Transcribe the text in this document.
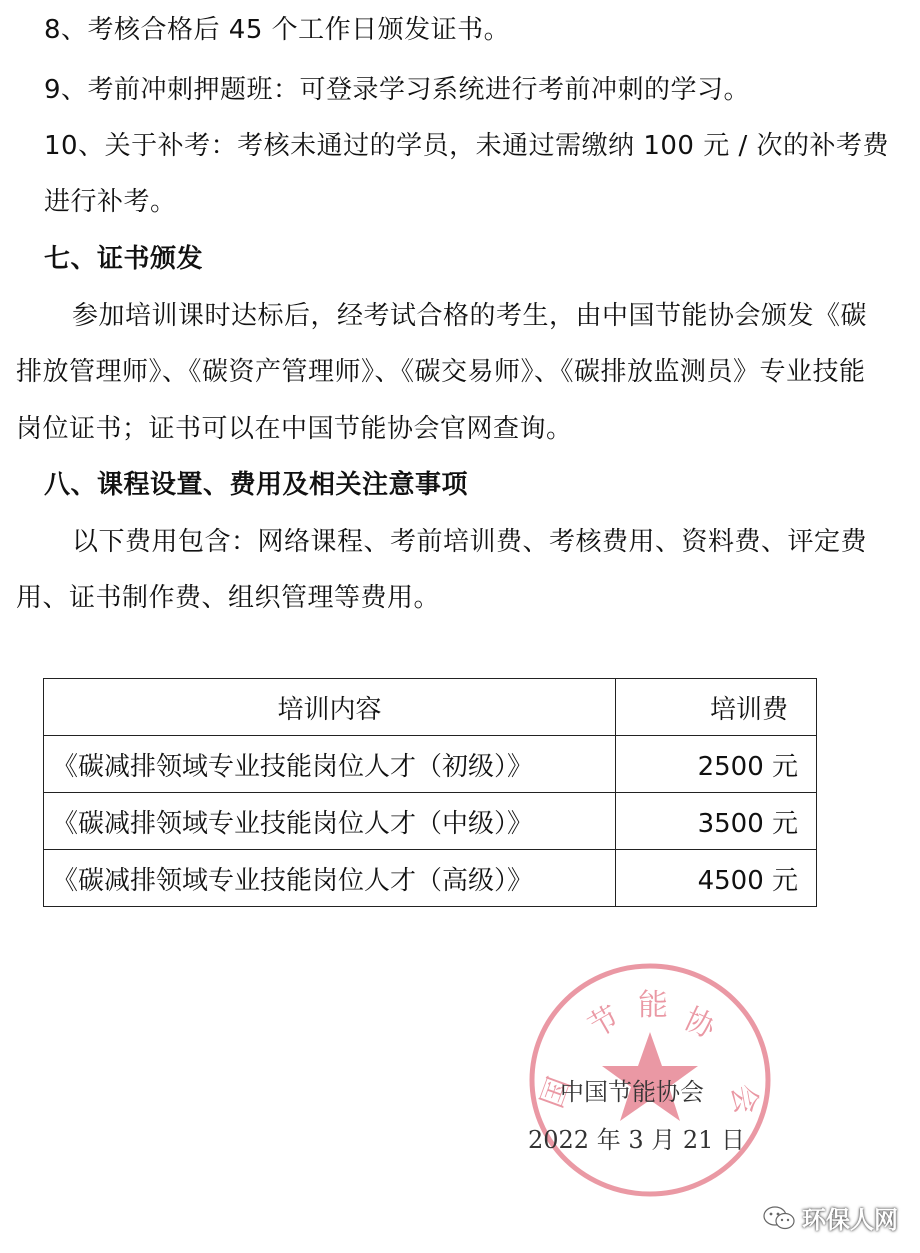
8、考核合格后 45 个工作日颁发证书。
9、考前冲刺押题班：可登录学习系统进行考前冲刺的学习。
10、关于补考：考核未通过的学员，未通过需缴纳 100 元 / 次的补考费
进行补考。
七、证书颁发
参加培训课时达标后，经考试合格的考生，由中国节能协会颁发《碳
排放管理师》、《碳资产管理师》、《碳交易师》、《碳排放监测员》专业技能
岗位证书；证书可以在中国节能协会官网查询。
八、课程设置、费用及相关注意事项
以下费用包含：网络课程、考前培训费、考核费用、资料费、评定费
用、证书制作费、组织管理等费用。
培训内容	培训费
《碳减排领域专业技能岗位人才（初级）》	2500 元
《碳减排领域专业技能岗位人才（中级）》	3500 元
《碳减排领域专业技能岗位人才（高级）》	4500 元
节 能 协
国	会
中国节能协会
2022 年 3 月 21 日
环保人网
